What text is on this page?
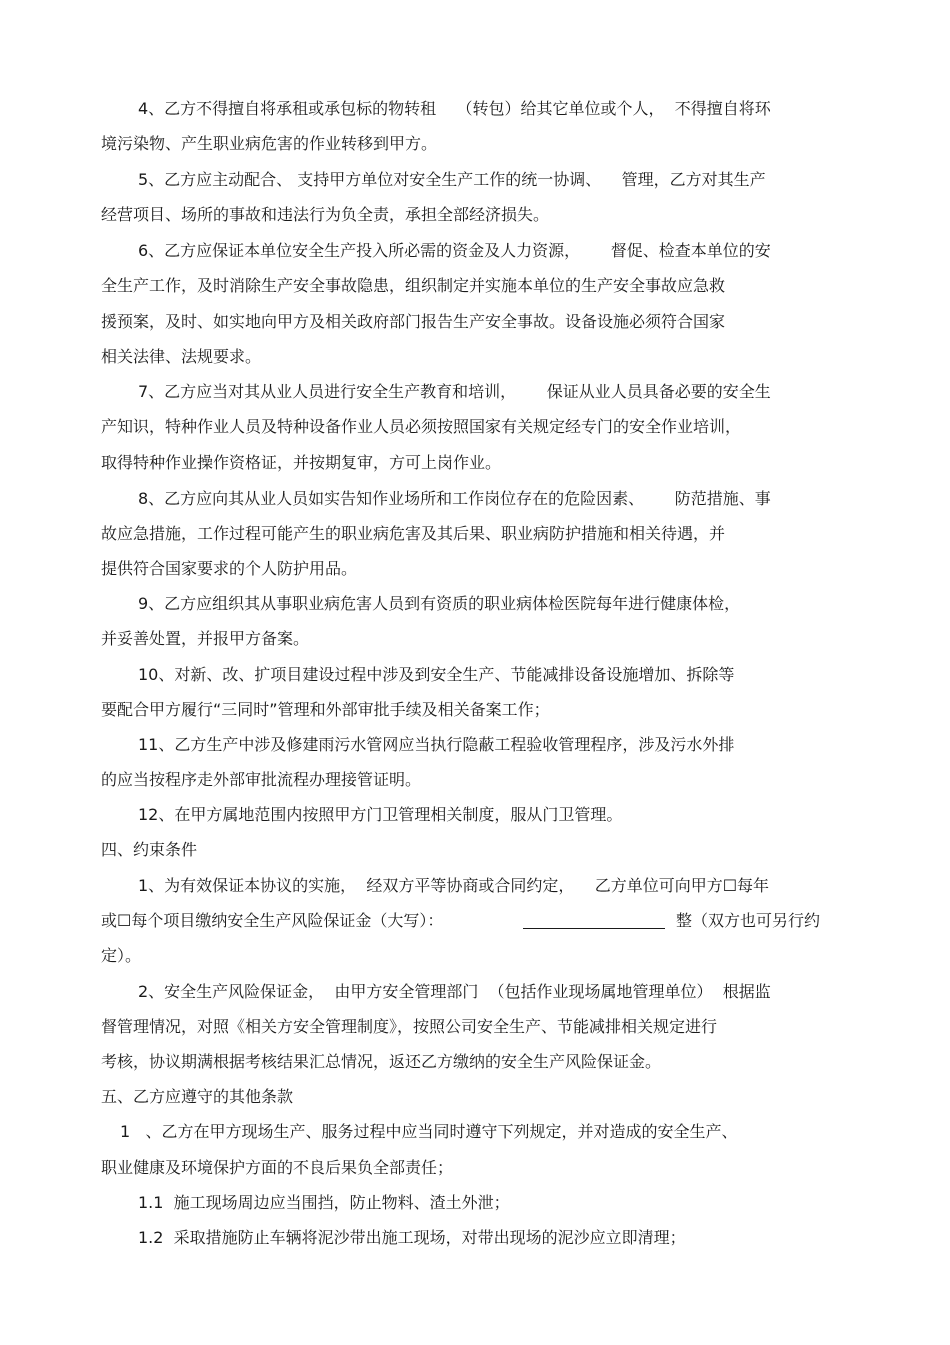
4、乙方不得擅自将承租或承包标的物转租    （转包）给其它单位或个人，  不得擅自将环
境污染物、产生职业病危害的作业转移到甲方。
5、乙方应主动配合、 支持甲方单位对安全生产工作的统一协调、    管理，乙方对其生产
经营项目、场所的事故和违法行为负全责，承担全部经济损失。
6、乙方应保证本单位安全生产投入所必需的资金及人力资源，      督促、检查本单位的安
全生产工作，及时消除生产安全事故隐患，组织制定并实施本单位的生产安全事故应急救
援预案，及时、如实地向甲方及相关政府部门报告生产安全事故。设备设施必须符合国家
相关法律、法规要求。
7、乙方应当对其从业人员进行安全生产教育和培训，      保证从业人员具备必要的安全生
产知识，特种作业人员及特种设备作业人员必须按照国家有关规定经专门的安全作业培训，
取得特种作业操作资格证，并按期复审，方可上岗作业。
8、乙方应向其从业人员如实告知作业场所和工作岗位存在的危险因素、      防范措施、事
故应急措施，工作过程可能产生的职业病危害及其后果、职业病防护措施和相关待遇，并
提供符合国家要求的个人防护用品。
9、乙方应组织其从事职业病危害人员到有资质的职业病体检医院每年进行健康体检，
并妥善处置，并报甲方备案。
10、对新、改、扩项目建设过程中涉及到安全生产、节能减排设备设施增加、拆除等
要配合甲方履行“三同时”管理和外部审批手续及相关备案工作；
11、乙方生产中涉及修建雨污水管网应当执行隐蔽工程验收管理程序，涉及污水外排
的应当按程序走外部审批流程办理接管证明。
12、在甲方属地范围内按照甲方门卫管理相关制度，服从门卫管理。
四、约束条件
1、为有效保证本协议的实施，  经双方平等协商或合同约定，    乙方单位可向甲方☐每年
或☐每个项目缴纳安全生产风险保证金（大写）：	整（双方也可另行约
定）。
2、安全生产风险保证金，  由甲方安全管理部门  （包括作业现场属地管理单位）  根据监
督管理情况，对照《相关方安全管理制度》，按照公司安全生产、节能减排相关规定进行
考核，协议期满根据考核结果汇总情况，返还乙方缴纳的安全生产风险保证金。
五、乙方应遵守的其他条款
1   、乙方在甲方现场生产、服务过程中应当同时遵守下列规定，并对造成的安全生产、
职业健康及环境保护方面的不良后果负全部责任；
1.1  施工现场周边应当围挡，防止物料、渣土外泄；
1.2  采取措施防止车辆将泥沙带出施工现场，对带出现场的泥沙应立即清理；
